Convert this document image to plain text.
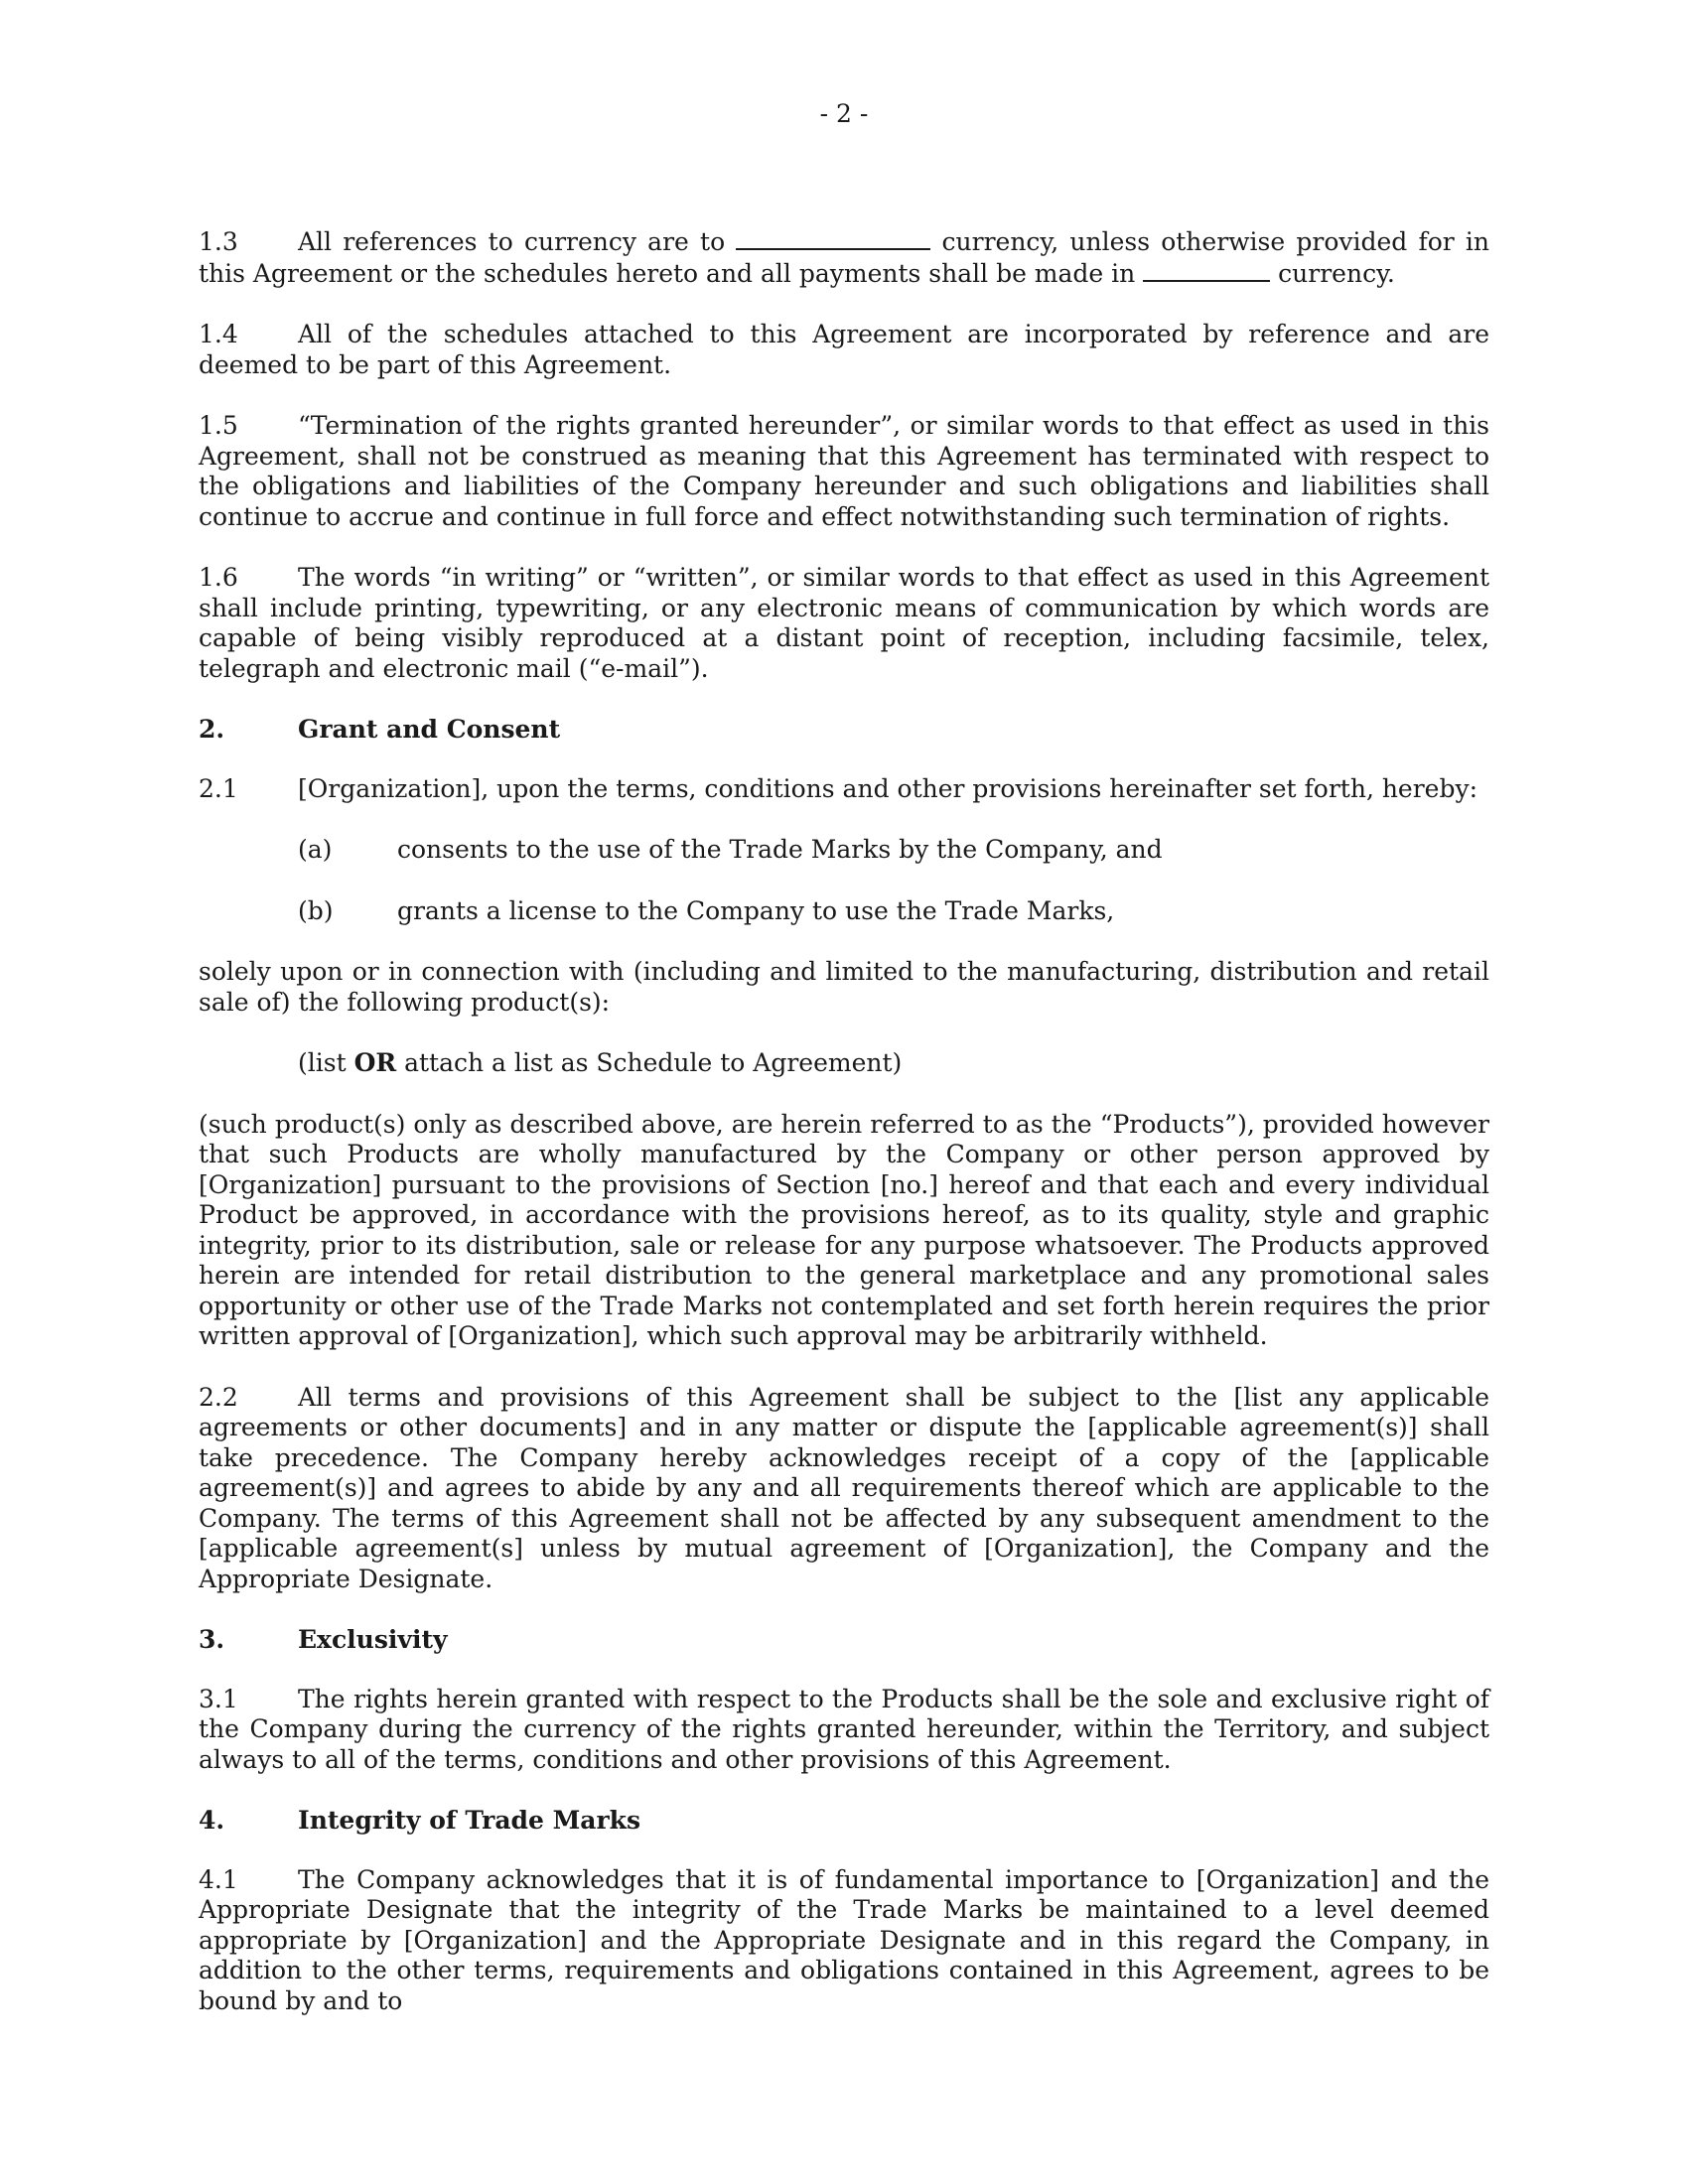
- 2 -

1.3 All references to currency are to	currency, unless otherwise provided for in this Agreement or the schedules hereto and all payments shall be made in	currency.

1.4 All of the schedules attached to this Agreement are incorporated by reference and are deemed to be part of this Agreement.

1.5 “Termination of the rights granted hereunder”, or similar words to that effect as used in this Agreement, shall not be construed as meaning that this Agreement has terminated with respect to the obligations and liabilities of the Company hereunder and such obligations and liabilities shall continue to accrue and continue in full force and effect notwithstanding such termination of rights.

1.6 The words “in writing” or “written”, or similar words to that effect as used in this Agreement shall include printing, typewriting, or any electronic means of communication by which words are capable of being visibly reproduced at a distant point of reception, including facsimile, telex, telegraph and electronic mail (“e-mail”).

2.	Grant and Consent

2.1 [Organization], upon the terms, conditions and other provisions hereinafter set forth, hereby:

(a)	consents to the use of the Trade Marks by the Company, and

(b)	grants a license to the Company to use the Trade Marks,

solely upon or in connection with (including and limited to the manufacturing, distribution and retail sale of) the following product(s):

(list OR attach a list as Schedule to Agreement)

(such product(s) only as described above, are herein referred to as the “Products”), provided however that such Products are wholly manufactured by the Company or other person approved by [Organization] pursuant to the provisions of Section [no.] hereof and that each and every individual Product be approved, in accordance with the provisions hereof, as to its quality, style and graphic integrity, prior to its distribution, sale or release for any purpose whatsoever. The Products approved herein are intended for retail distribution to the general marketplace and any promotional sales opportunity or other use of the Trade Marks not contemplated and set forth herein requires the prior written approval of [Organization], which such approval may be arbitrarily withheld.

2.2 All terms and provisions of this Agreement shall be subject to the [list any applicable agreements or other documents] and in any matter or dispute the [applicable agreement(s)] shall take precedence. The Company hereby acknowledges receipt of a copy of the [applicable agreement(s)] and agrees to abide by any and all requirements thereof which are applicable to the Company. The terms of this Agreement shall not be affected by any subsequent amendment to the [applicable agreement(s] unless by mutual agreement of [Organization], the Company and the Appropriate Designate.

3.	Exclusivity

3.1 The rights herein granted with respect to the Products shall be the sole and exclusive right of the Company during the currency of the rights granted hereunder, within the Territory, and subject always to all of the terms, conditions and other provisions of this Agreement.

4.	Integrity of Trade Marks

4.1 The Company acknowledges that it is of fundamental importance to [Organization] and the Appropriate Designate that the integrity of the Trade Marks be maintained to a level deemed appropriate by [Organization] and the Appropriate Designate and in this regard the Company, in addition to the other terms, requirements and obligations contained in this Agreement, agrees to be bound by and to
